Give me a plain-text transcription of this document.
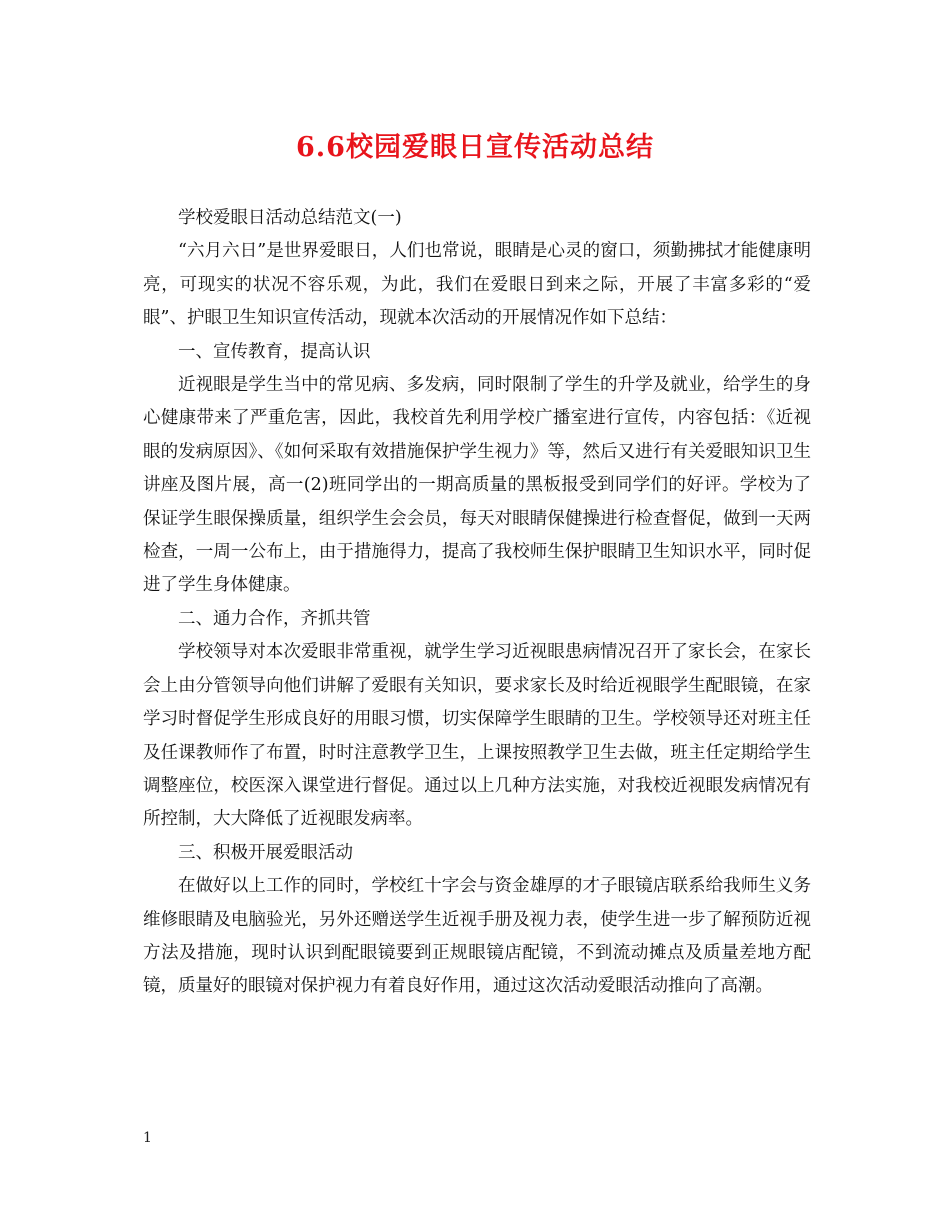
6.6校园爱眼日宣传活动总结

学校爱眼日活动总结范文(一)

“六月六日”是世界爱眼日，人们也常说，眼睛是心灵的窗口，须勤拂拭才能健康明亮，可现实的状况不容乐观，为此，我们在爱眼日到来之际，开展了丰富多彩的“爱眼”、护眼卫生知识宣传活动，现就本次活动的开展情况作如下总结：

一、宣传教育，提高认识

近视眼是学生当中的常见病、多发病，同时限制了学生的升学及就业，给学生的身心健康带来了严重危害，因此，我校首先利用学校广播室进行宣传，内容包括：《近视眼的发病原因》、《如何采取有效措施保护学生视力》等，然后又进行有关爱眼知识卫生讲座及图片展，高一(2)班同学出的一期高质量的黑板报受到同学们的好评。学校为了保证学生眼保操质量，组织学生会会员，每天对眼睛保健操进行检查督促，做到一天两检查，一周一公布上，由于措施得力，提高了我校师生保护眼睛卫生知识水平，同时促进了学生身体健康。

二、通力合作，齐抓共管

学校领导对本次爱眼非常重视，就学生学习近视眼患病情况召开了家长会，在家长会上由分管领导向他们讲解了爱眼有关知识，要求家长及时给近视眼学生配眼镜，在家学习时督促学生形成良好的用眼习惯，切实保障学生眼睛的卫生。学校领导还对班主任及任课教师作了布置，时时注意教学卫生，上课按照教学卫生去做，班主任定期给学生调整座位，校医深入课堂进行督促。通过以上几种方法实施，对我校近视眼发病情况有所控制，大大降低了近视眼发病率。

三、积极开展爱眼活动

在做好以上工作的同时，学校红十字会与资金雄厚的才子眼镜店联系给我师生义务维修眼睛及电脑验光，另外还赠送学生近视手册及视力表，使学生进一步了解预防近视方法及措施，现时认识到配眼镜要到正规眼镜店配镜，不到流动摊点及质量差地方配镜，质量好的眼镜对保护视力有着良好作用，通过这次活动爱眼活动推向了高潮。

1
